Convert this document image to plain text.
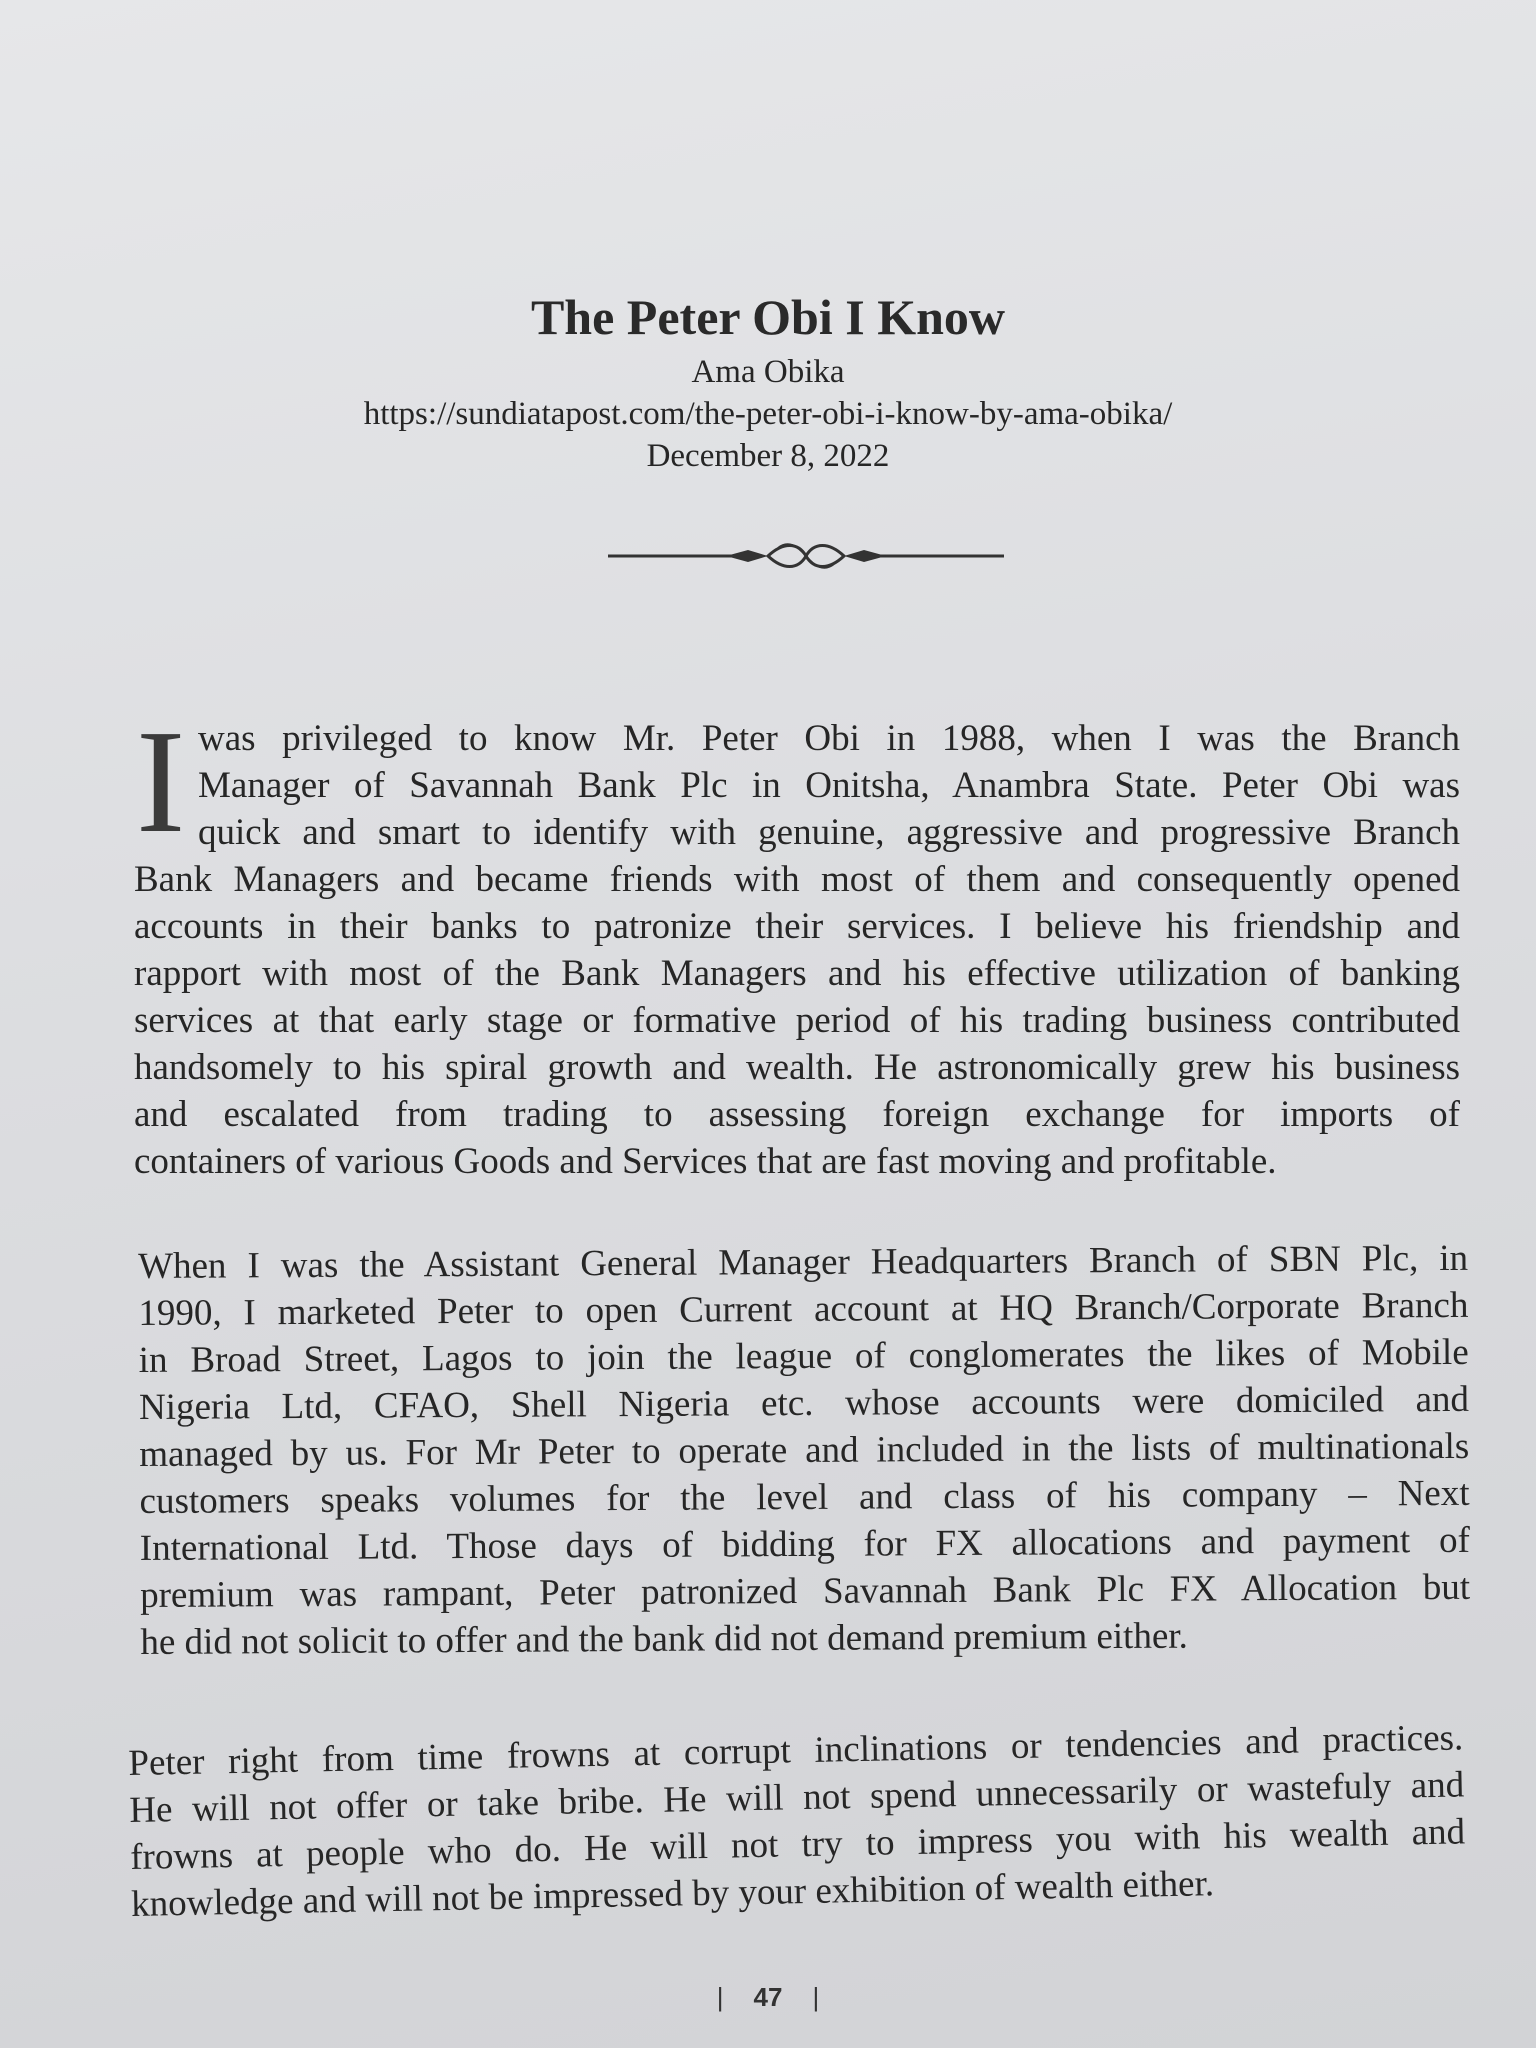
The Peter Obi I Know
Ama Obika
https://sundiatapost.com/the-peter-obi-i-know-by-ama-obika/
December 8, 2022
I was privileged to know Mr. Peter Obi in 1988, when I was the Branch
Manager of Savannah Bank Plc in Onitsha, Anambra State. Peter Obi was
quick and smart to identify with genuine, aggressive and progressive Branch
Bank Managers and became friends with most of them and consequently opened
accounts in their banks to patronize their services. I believe his friendship and
rapport with most of the Bank Managers and his effective utilization of banking
services at that early stage or formative period of his trading business contributed
handsomely to his spiral growth and wealth. He astronomically grew his business
and escalated from trading to assessing foreign exchange for imports of
containers of various Goods and Services that are fast moving and profitable.
When I was the Assistant General Manager Headquarters Branch of SBN Plc, in
1990, I marketed Peter to open Current account at HQ Branch/Corporate Branch
in Broad Street, Lagos to join the league of conglomerates the likes of Mobile
Nigeria Ltd, CFAO, Shell Nigeria etc. whose accounts were domiciled and
managed by us. For Mr Peter to operate and included in the lists of multinationals
customers speaks volumes for the level and class of his company – Next
International Ltd. Those days of bidding for FX allocations and payment of
premium was rampant, Peter patronized Savannah Bank Plc FX Allocation but
he did not solicit to offer and the bank did not demand premium either.
Peter right from time frowns at corrupt inclinations or tendencies and practices.
He will not offer or take bribe. He will not spend unnecessarily or wastefuly and
frowns at people who do. He will not try to impress you with his wealth and
knowledge and will not be impressed by your exhibition of wealth either.
| 47 |
